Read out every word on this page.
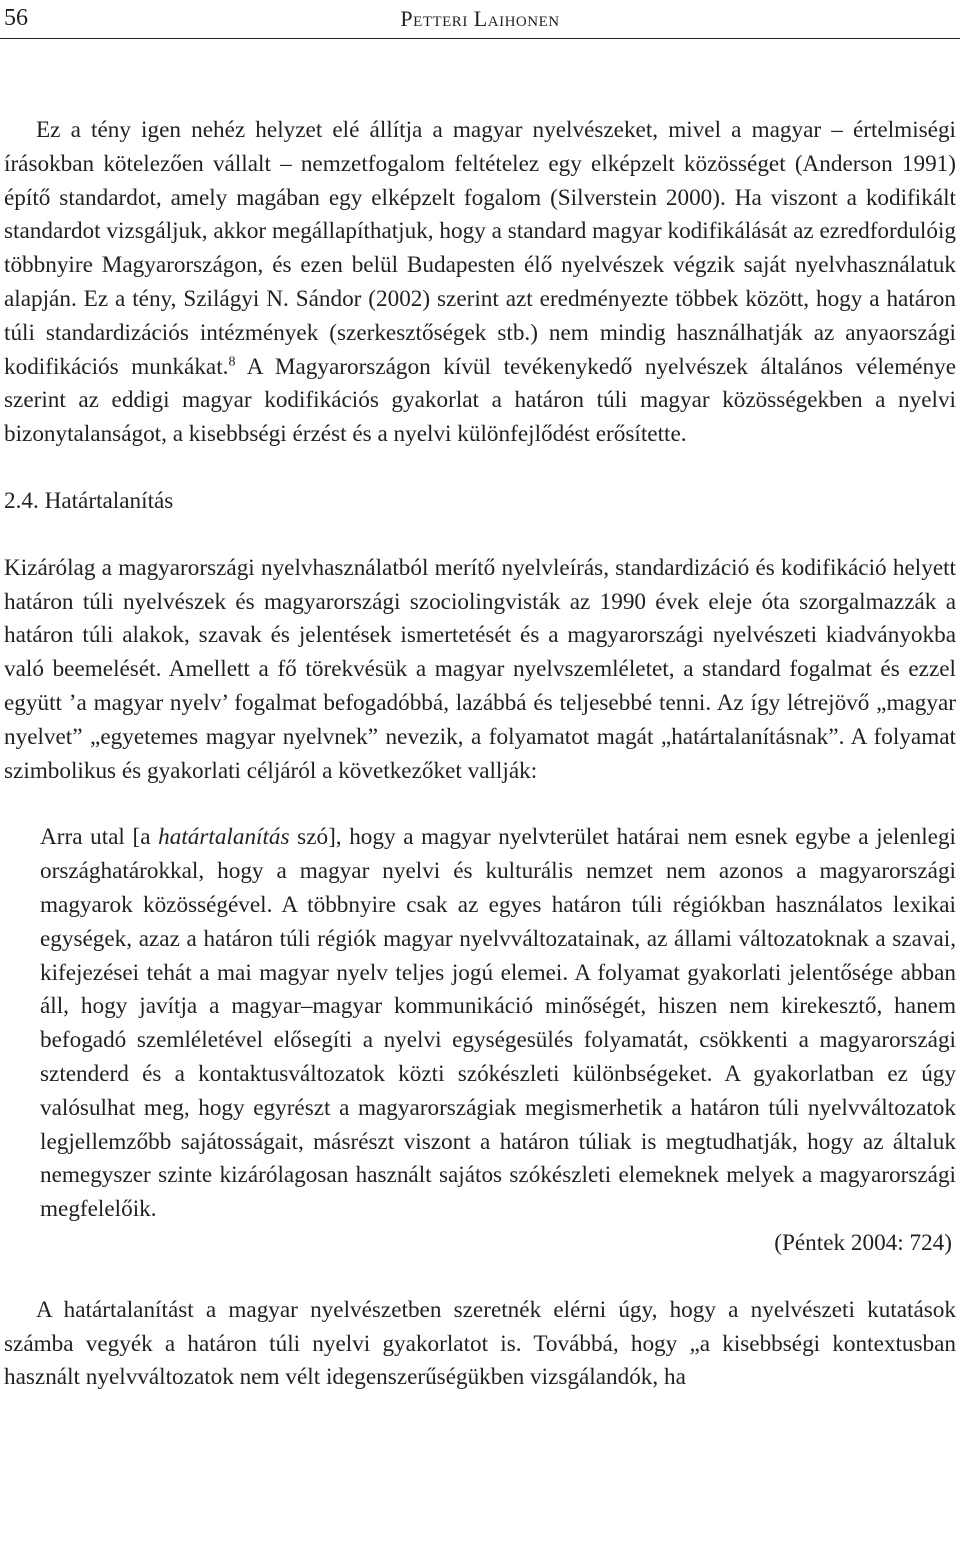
56	Petteri Laihonen

Ez a tény igen nehéz helyzet elé állítja a magyar nyelvészeket, mivel a magyar – értelmiségi írásokban kötelezően vállalt – nemzetfogalom feltételez egy elképzelt közösséget (Anderson 1991) építő standardot, amely magában egy elképzelt fogalom (Silverstein 2000). Ha viszont a kodifikált standardot vizsgáljuk, akkor megállapíthatjuk, hogy a standard magyar kodifikálását az ezredfordulóig többnyire Magyarországon, és ezen belül Budapesten élő nyelvészek végzik saját nyelvhasználatuk alapján. Ez a tény, Szilágyi N. Sándor (2002) szerint azt eredményezte többek között, hogy a határon túli standardizációs intézmények (szerkesztőségek stb.) nem mindig használhatják az anyaországi kodifikációs munkákat.$^8$ A Magyarországon kívül tevékenykedő nyelvészek általános véleménye szerint az eddigi magyar kodifikációs gyakorlat a határon túli magyar közösségekben a nyelvi bizonytalanságot, a kisebbségi érzést és a nyelvi különfejlődést erősítette.

2.4. Határtalanítás

Kizárólag a magyarországi nyelvhasználatból merítő nyelvleírás, standardizáció és kodifikáció helyett határon túli nyelvészek és magyarországi szociolingvisták az 1990 évek eleje óta szorgalmazzák a határon túli alakok, szavak és jelentések ismertetését és a magyarországi nyelvészeti kiadványokba való beemelését. Amellett a fő törekvésük a magyar nyelvszemléletet, a standard fogalmat és ezzel együtt ’a magyar nyelv’ fogalmat befogadóbbá, lazábbá és teljesebbé tenni. Az így létrejövő „magyar nyelvet” „egyetemes magyar nyelvnek” nevezik, a folyamatot magát „határtalanításnak”. A folyamat szimbolikus és gyakorlati céljáról a következőket vallják:

Arra utal [a határtalanítás szó], hogy a magyar nyelvterület határai nem esnek egybe a jelenlegi országhatárokkal, hogy a magyar nyelvi és kulturális nemzet nem azonos a magyarországi magyarok közösségével. A többnyire csak az egyes határon túli régiókban használatos lexikai egységek, azaz a határon túli régiók magyar nyelvváltozatainak, az állami változatoknak a szavai, kifejezései tehát a mai magyar nyelv teljes jogú elemei. A folyamat gyakorlati jelentősége abban áll, hogy javítja a magyar–magyar kommunikáció minőségét, hiszen nem kirekesztő, hanem befogadó szemléletével elősegíti a nyelvi egységesülés folyamatát, csökkenti a magyarországi sztenderd és a kontaktusváltozatok közti szókészleti különbségeket. A gyakorlatban ez úgy valósulhat meg, hogy egyrészt a magyarországiak megismerhetik a határon túli nyelvváltozatok legjellemzőbb sajátosságait, másrészt viszont a határon túliak is megtudhatják, hogy az általuk nemegyszer szinte kizárólagosan használt sajátos szókészleti elemeknek melyek a magyarországi megfelelőik.

(Péntek 2004: 724)

A határtalanítást a magyar nyelvészetben szeretnék elérni úgy, hogy a nyelvészeti kutatások számba vegyék a határon túli nyelvi gyakorlatot is. Továbbá, hogy „a kisebbségi kontextusban használt nyelvváltozatok nem vélt idegenszerűségükben vizsgálandók, ha
